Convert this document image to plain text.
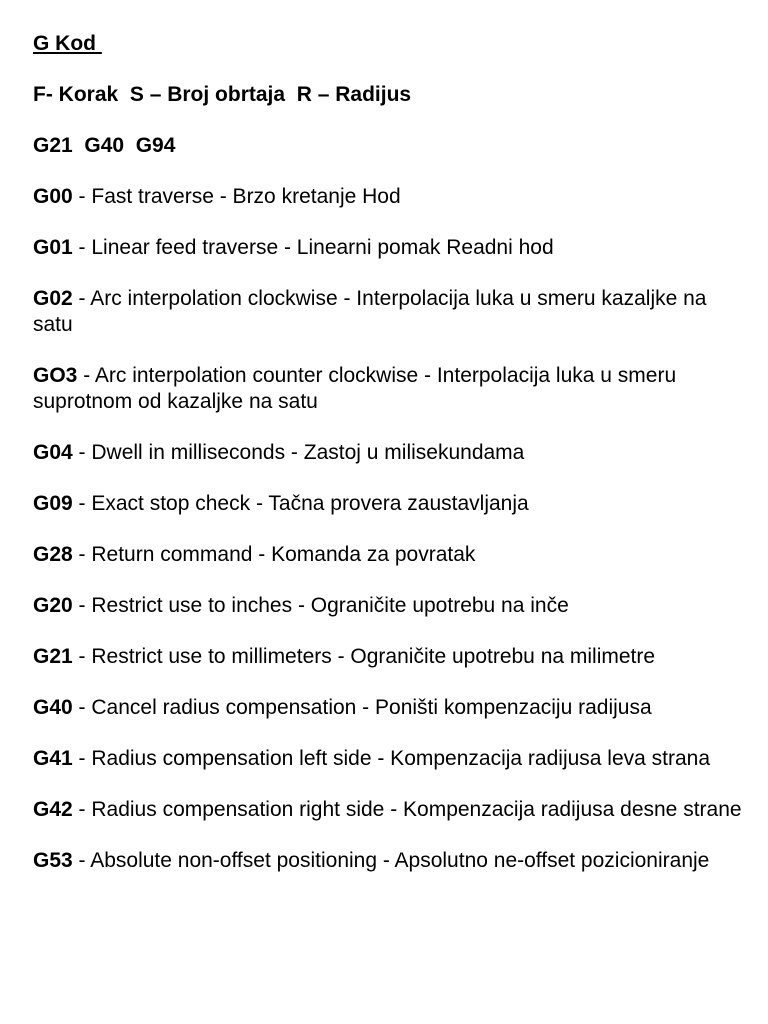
G Kod
F- Korak  S – Broj obrtaja  R – Radijus
G21  G40  G94
G00 - Fast traverse - Brzo kretanje Hod
G01 - Linear feed traverse - Linearni pomak Readni hod
G02 - Arc interpolation clockwise - Interpolacija luka u smeru kazaljke na satu
GO3 - Arc interpolation counter clockwise - Interpolacija luka u smeru suprotnom od kazaljke na satu
G04 - Dwell in milliseconds - Zastoj u milisekundama
G09 - Exact stop check - Tačna provera zaustavljanja
G28 - Return command - Komanda za povratak
G20 - Restrict use to inches - Ograničite upotrebu na inče
G21 - Restrict use to millimeters - Ograničite upotrebu na milimetre
G40 - Cancel radius compensation - Poništi kompenzaciju radijusa
G41 - Radius compensation left side - Kompenzacija radijusa leva strana
G42 - Radius compensation right side - Kompenzacija radijusa desne strane
G53 - Absolute non-offset positioning - Apsolutno ne-offset pozicioniranje
